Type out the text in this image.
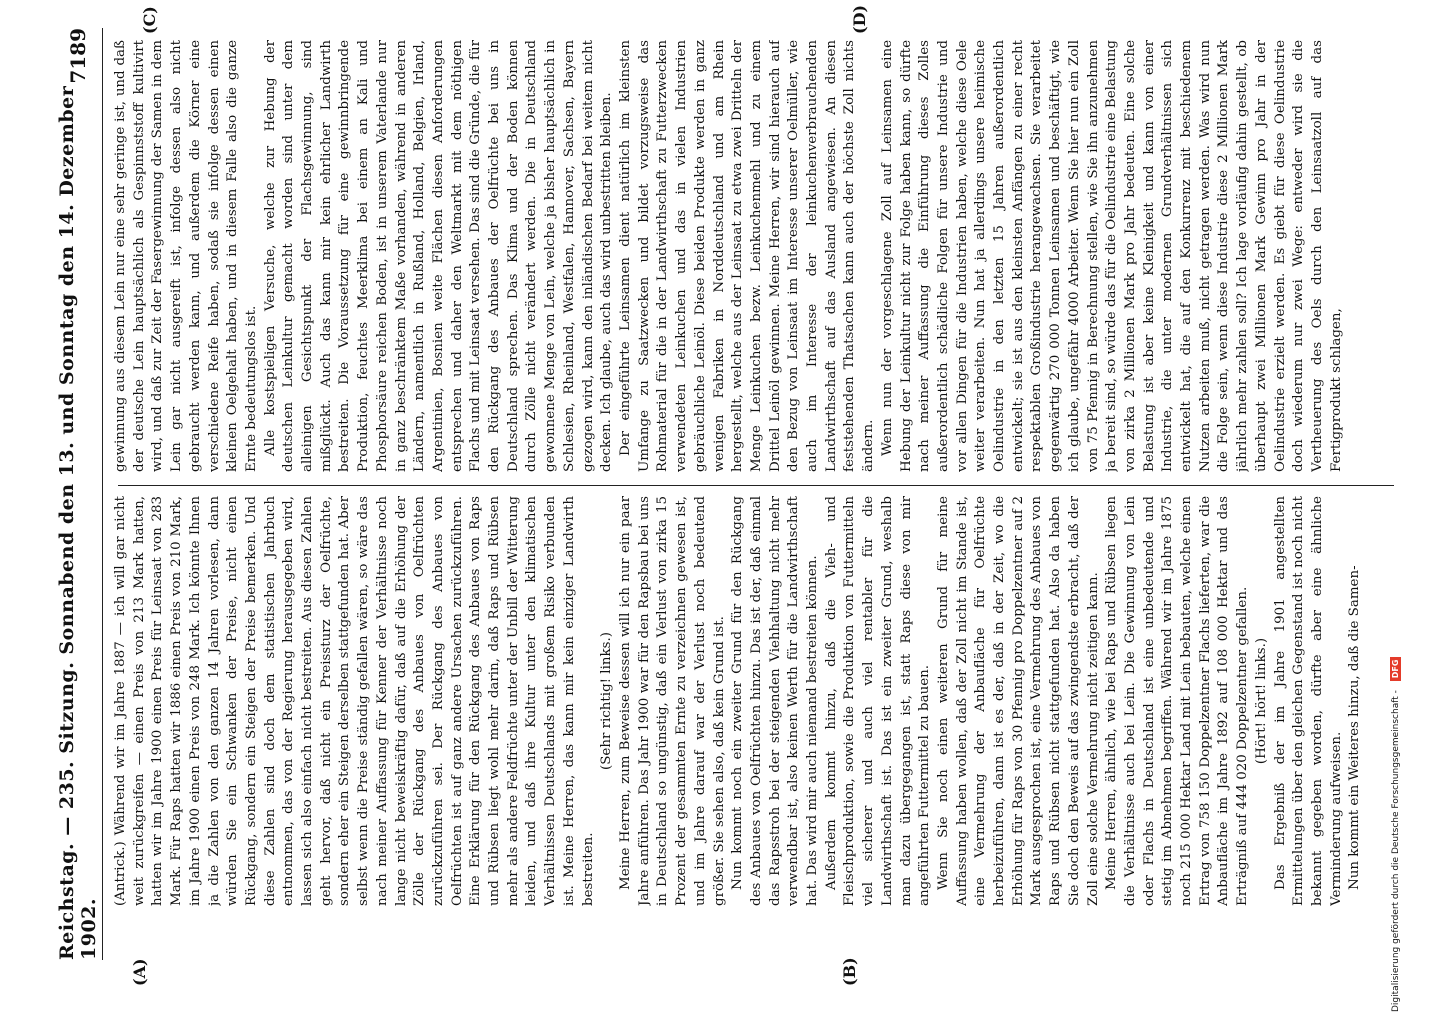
Reichstag. — 235. Sitzung. Sonnabend den 13. und Sonntag den 14. Dezember 1902.
7189
(A)	(B)
(C)	(D)

(Antrick.) Während wir im Jahre 1887 — ich will gar nicht weit zurückgreifen — einen Preis von 213 Mark hatten, hatten wir im Jahre 1900 einen Preis für Leinsaat von 283 Mark. Für Raps hatten wir 1886 einen Preis von 210 Mark, im Jahre 1900 einen Preis von 248 Mark. Ich könnte Ihnen ja die Zahlen von den ganzen 14 Jahren vorlesen, dann würden Sie ein Schwanken der Preise, nicht einen Rückgang, sondern ein Steigen der Preise bemerken. Und diese Zahlen sind doch dem statistischen Jahrbuch entnommen, das von der Regierung herausgegeben wird, lassen sich also einfach nicht bestreiten. Aus diesen Zahlen geht hervor, daß nicht ein Preissturz der Oelfrüchte, sondern eher ein Steigen derselben stattgefunden hat. Aber selbst wenn die Preise ständig gefallen wären, so wäre das nach meiner Auffassung für Kenner der Verhältnisse noch lange nicht beweiskräftig dafür, daß auf die Erhöhung der Zölle der Rückgang des Anbaues von Oelfrüchten zurückzuführen sei. Der Rückgang des Anbaues von Oelfrüchten ist auf ganz andere Ursachen zurückzuführen. Eine Erklärung für den Rückgang des Anbaues von Raps und Rübsen liegt wohl mehr darin, daß Raps und Rübsen mehr als andere Feldfrüchte unter der Unbill der Witterung leiden, und daß ihre Kultur unter den klimatischen Verhältnissen Deutschlands mit großem Risiko verbunden ist. Meine Herren, das kann mir kein einziger Landwirth bestreiten.

(Sehr richtig! links.) Meine Herren, zum Beweise dessen will ich nur ein paar Jahre anführen. Das Jahr 1900 war für den Rapsbau bei uns in Deutschland so ungünstig, daß ein Verlust von zirka 15 Prozent der gesammten Ernte zu verzeichnen gewesen ist, und im Jahre darauf war der Verlust noch bedeutend größer. Sie sehen also, daß kein Grund ist. Nun kommt noch ein zweiter Grund für den Rückgang des Anbaues von Oelfrüchten hinzu. Das ist der, daß einmal das Rapsstroh bei der steigenden Viehhaltung nicht mehr verwendbar ist, also keinen Werth für die Landwirthschaft hat. Das wird mir auch niemand bestreiten können. Außerdem kommt hinzu, daß die Vieh- und Fleischproduktion, sowie die Produktion von Futtermitteln viel sicherer und auch viel rentabler für die Landwirthschaft ist. Das ist ein zweiter Grund, weshalb man dazu übergegangen ist, statt Raps diese von mir angeführten Futtermittel zu bauen. Wenn Sie noch einen weiteren Grund für meine Auffassung haben wollen, daß der Zoll nicht im Stande ist, eine Vermehrung der Anbaufläche für Oelfrüchte herbeizuführen, dann ist es der, daß in der Zeit, wo die Erhöhung für Raps von 30 Pfennig pro Doppelzentner auf 2 Mark ausgesprochen ist, eine Vermehrung des Anbaues von Raps und Rübsen nicht stattgefunden hat. Also da haben Sie doch den Beweis auf das zwingendste erbracht, daß der Zoll eine solche Vermehrung nicht zeitigen kann. Meine Herren, ähnlich, wie bei Raps und Rübsen liegen die Verhältnisse auch bei Lein. Die Gewinnung von Lein oder Flachs in Deutschland ist eine unbedeutende und stetig im Abnehmen begriffen. Während wir im Jahre 1875 noch 215 000 Hektar Land mit Lein bebauten, welche einen Ertrag von 758 150 Doppelzentner Flachs lieferten, war die Anbaufläche im Jahre 1892 auf 108 000 Hektar und das Erträgniß auf 444 020 Doppelzentner gefallen. (Hört! hört! links.) Das Ergebniß der im Jahre 1901 angestellten Ermittelungen über den gleichen Gegenstand ist noch nicht bekannt gegeben worden, dürfte aber eine ähnliche Verminderung aufweisen. Nun kommt ein Weiteres hinzu, daß die Samen-

gewinnung aus diesem Lein nur eine sehr geringe ist, und daß der deutsche Lein hauptsächlich als Gespinnststoff kultivirt wird, und daß zur Zeit der Fasergewinnung der Samen in dem Lein gar nicht ausgereift ist, infolge dessen also nicht gebraucht werden kann, und außerdem die Körner eine verschiedene Reife haben, sodaß sie infolge dessen einen kleinen Oelgehalt haben, und in diesem Falle also die ganze Ernte bedeutungslos ist. Alle kostspieligen Versuche, welche zur Hebung der deutschen Leinkultur gemacht worden sind unter dem alleinigen Gesichtspunkt der Flachsgewinnung, sind mißglückt. Auch das kann mir kein ehrlicher Landwirth bestreiten. Die Voraussetzung für eine gewinnbringende Produktion, feuchtes Meerklima bei einem an Kali und Phosphorsäure reichen Boden, ist in unserem Vaterlande nur in ganz beschränktem Maße vorhanden, während in anderen Ländern, namentlich in Rußland, Holland, Belgien, Irland, Argentinien, Bosnien weite Flächen diesen Anforderungen entsprechen und daher den Weltmarkt mit dem nöthigen Flachs und mit Leinsaat versehen. Das sind die Gründe, die für den Rückgang des Anbaues der Oelfrüchte bei uns in Deutschland sprechen. Das Klima und der Boden können durch Zölle nicht verändert werden. Die in Deutschland gewonnene Menge von Lein, welche ja bisher hauptsächlich in Schlesien, Rheinland, Westfalen, Hannover, Sachsen, Bayern gezogen wird, kann den inländischen Bedarf bei weitem nicht decken. Ich glaube, auch das wird unbestritten bleiben. Der eingeführte Leinsamen dient natürlich im kleinsten Umfange zu Saatzwecken und bildet vorzugsweise das Rohmaterial für die in der Landwirthschaft zu Futterzwecken verwendeten Leinkuchen und das in vielen Industrien gebräuchliche Leinöl. Diese beiden Produkte werden in ganz wenigen Fabriken in Norddeutschland und am Rhein hergestellt, welche aus der Leinsaat zu etwa zwei Dritteln der Menge Leinkuchen bezw. Leinkuchenmehl und zu einem Drittel Leinöl gewinnen. Meine Herren, wir sind hierauch auf den Bezug von Leinsaat im Interesse unserer Oelmüller, wie auch im Interesse der leinkuchenverbrauchenden Landwirthschaft auf das Ausland angewiesen. An diesen feststehenden Thatsachen kann auch der höchste Zoll nichts ändern. Wenn nun der vorgeschlagene Zoll auf Leinsamen eine Hebung der Leinkultur nicht zur Folge haben kann, so dürfte nach meiner Auffassung die Einführung dieses Zolles außerordentlich schädliche Folgen für unsere Industrie und vor allen Dingen für die Industrien haben, welche diese Oele weiter verarbeiten. Nun hat ja allerdings unsere heimische Oelindustrie in den letzten 15 Jahren außerordentlich entwickelt; sie ist aus den kleinsten Anfängen zu einer recht respektablen Großindustrie herangewachsen. Sie verarbeitet gegenwärtig 270 000 Tonnen Leinsamen und beschäftigt, wie ich glaube, ungefähr 4000 Arbeiter. Wenn Sie hier nun ein Zoll von 75 Pfennig in Berechnung stellen, wie Sie ihn anzunehmen ja bereit sind, so würde das für die Oelindustrie eine Belastung von zirka 2 Millionen Mark pro Jahr bedeuten. Eine solche Belastung ist aber keine Kleinigkeit und kann von einer Industrie, die unter modernen Grundverhältnissen sich entwickelt hat, die auf den Konkurrenz mit beschiedenem Nutzen arbeiten muß, nicht getragen werden. Was wird nun die Folge sein, wenn diese Industrie diese 2 Millionen Mark jährlich mehr zahlen soll? Ich lage vorläufig dahin gestellt, ob überhaupt zwei Millionen Mark Gewinn pro Jahr in der Oelindustrie erzielt werden. Es giebt für diese Oelindustrie doch wiederum nur zwei Wege: entweder wird sie die Vertheuerung des Oels durch den Leinsaatzoll auf das Fertigprodukt schlagen,

Digitalisierung gefördert durch die Deutsche Forschungsgemeinschaft - DFG
